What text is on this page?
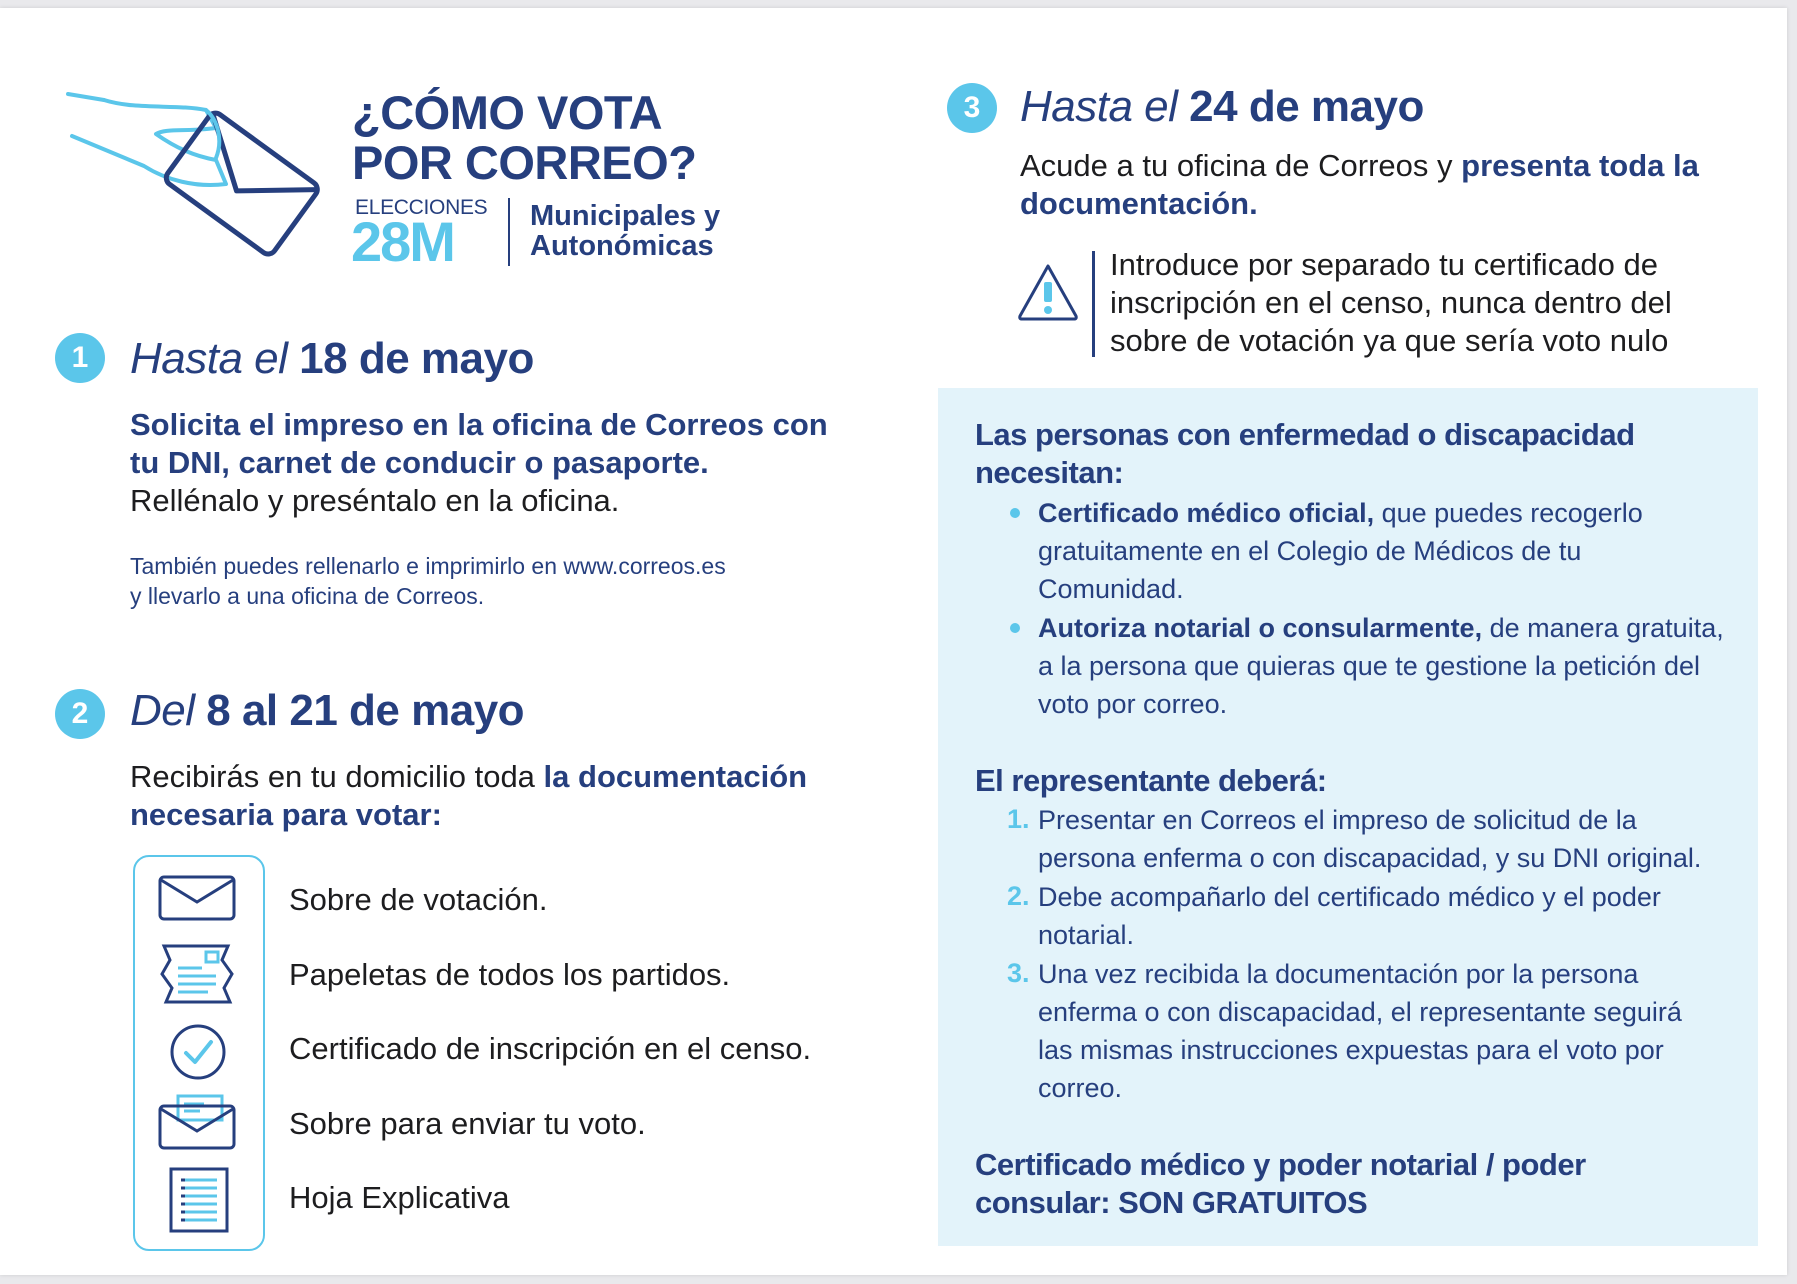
¿CÓMO VOTA
POR CORREO?
ELECCIONES
28M	Municipales y
Autonómicas
1 Hasta el 18 de mayo
Solicita el impreso en la oficina de Correos con
tu DNI, carnet de conducir o pasaporte.
Rellénalo y preséntalo en la oficina.
También puedes rellenarlo e imprimirlo en www.correos.es
y llevarlo a una oficina de Correos.
2 Del 8 al 21 de mayo
Recibirás en tu domicilio toda la documentación
necesaria para votar:
Sobre de votación.
Papeletas de todos los partidos.
Certificado de inscripción en el censo.
Sobre para enviar tu voto.
Hoja Explicativa
3 Hasta el 24 de mayo
Acude a tu oficina de Correos y presenta toda la
documentación.
Introduce por separado tu certificado de
inscripción en el censo, nunca dentro del
sobre de votación ya que sería voto nulo
Las personas con enfermedad o discapacidad
necesitan:
Certificado médico oficial, que puedes recogerlo
gratuitamente en el Colegio de Médicos de tu
Comunidad.
Autoriza notarial o consularmente, de manera gratuita,
a la persona que quieras que te gestione la petición del
voto por correo.
El representante deberá:
1. Presentar en Correos el impreso de solicitud de la
persona enferma o con discapacidad, y su DNI original.
2. Debe acompañarlo del certificado médico y el poder
notarial.
3. Una vez recibida la documentación por la persona
enferma o con discapacidad, el representante seguirá
las mismas instrucciones expuestas para el voto por
correo.
Certificado médico y poder notarial / poder
consular: SON GRATUITOS
